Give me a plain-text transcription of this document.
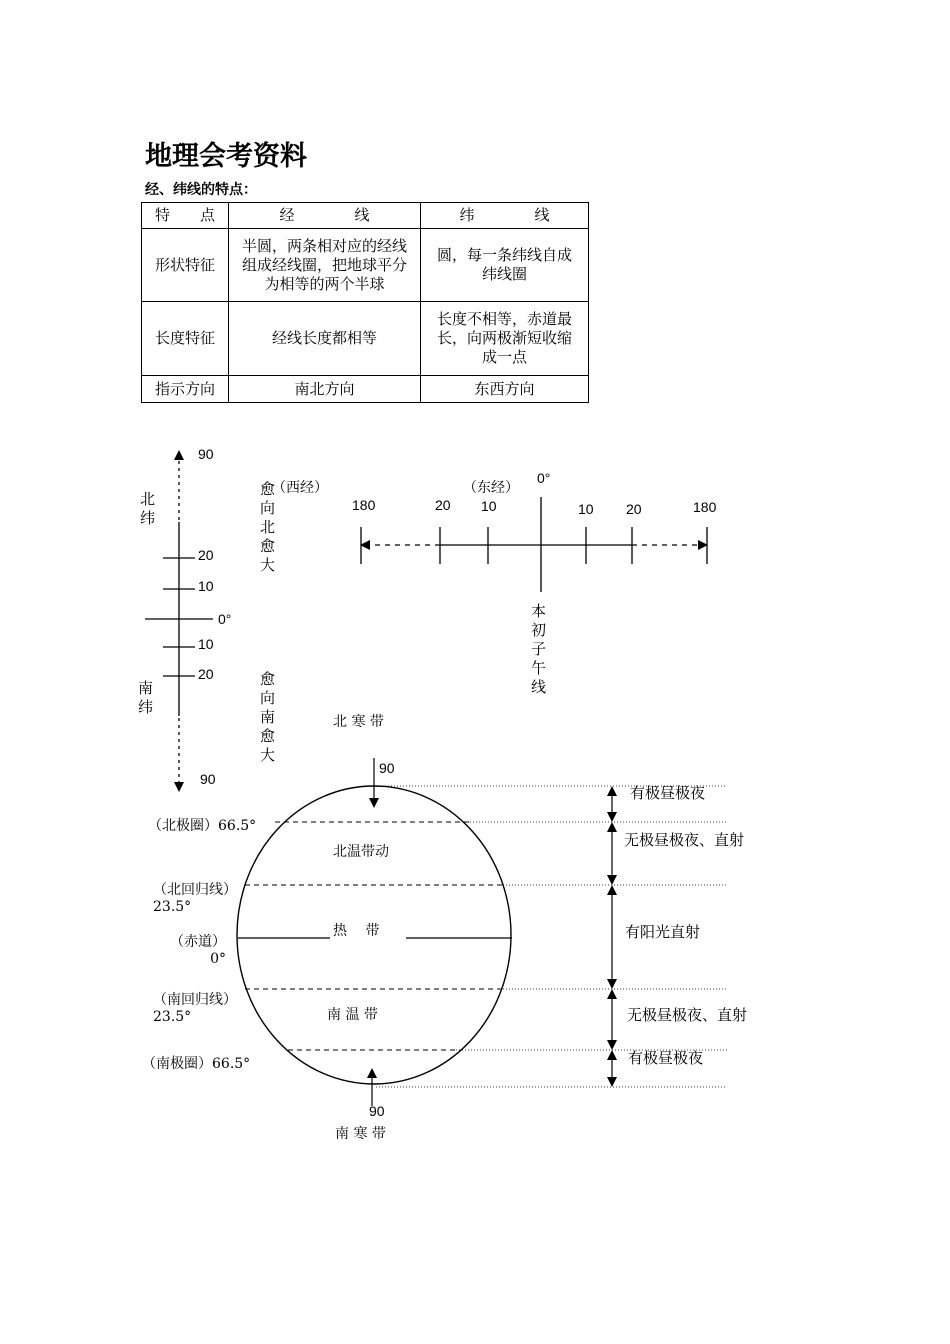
地理会考资料
经、纬线的特点：
特　　点	经　　　　线	纬　　　　线
形状特征	半圆，两条相对应的经线组成经线圈，把地球平分为相等的两个半球	圆，每一条纬线自成纬线圈
长度特征	经线长度都相等	长度不相等，赤道最长，向两极渐短收缩成一点
指示方向	南北方向	东西方向
90
北纬
20
10
0°
10
20
南纬
90
愈向北愈大
愈向南愈大
（西经）	（东经）
0°
180	20 10	10 20	180
本初子午线
北 寒 带
90
（北极圈）66.5°
北温带动
（北回归线）23.5°
（赤道）0°
热　 带
（南回归线）23.5°	南 温 带
（南极圈）66.5°
90
南 寒 带
有极昼极夜
无极昼极夜、直射
有阳光直射
无极昼极夜、直射
有极昼极夜
